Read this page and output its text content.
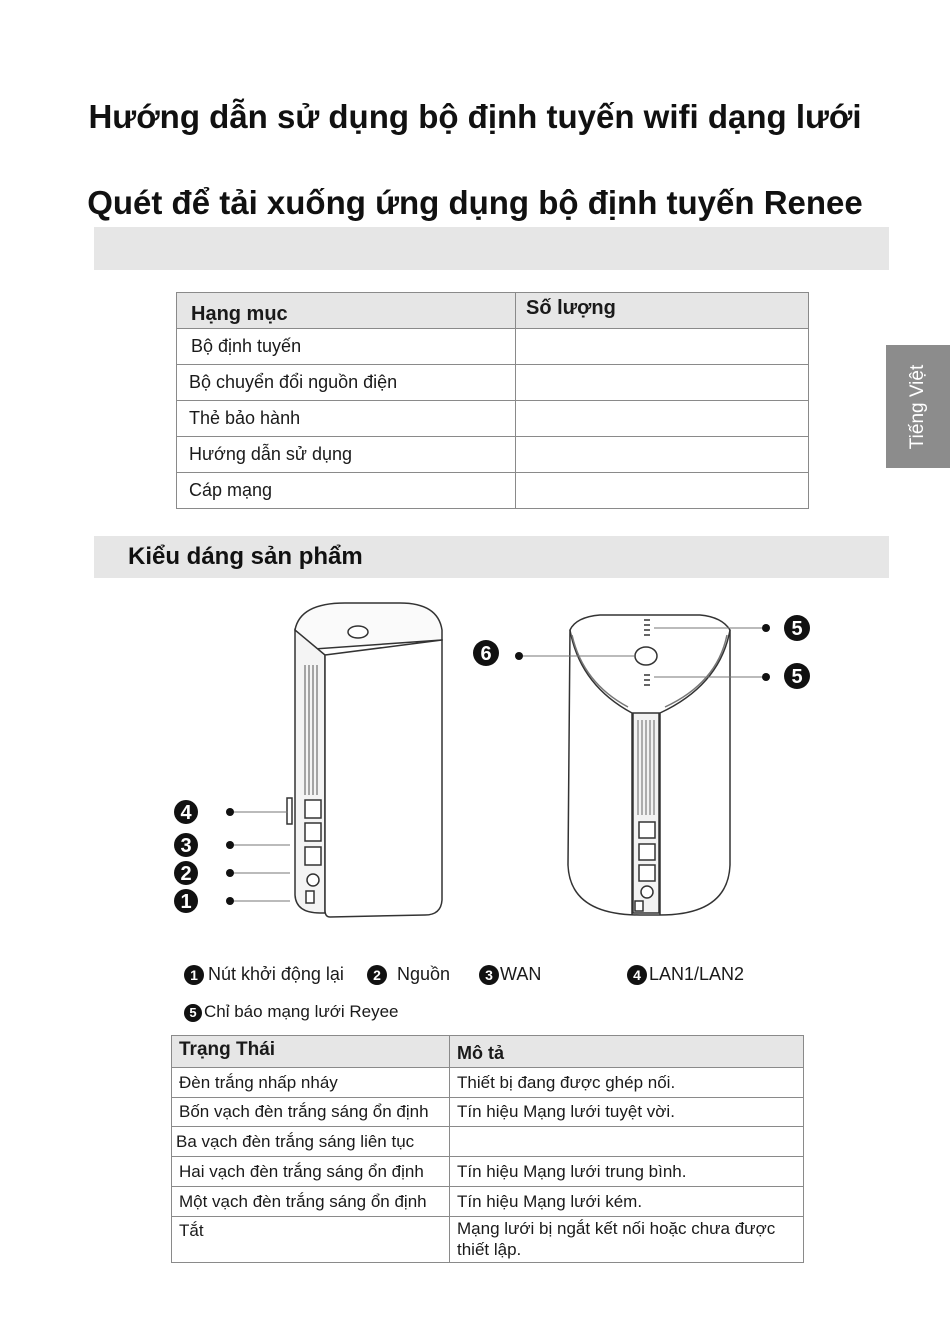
Hướng dẫn sử dụng bộ định tuyến wifi dạng lưới
Quét để tải xuống ứng dụng bộ định tuyến Renee
Tiếng Việt
Hạng mục	Số lượng
Bộ định tuyến	
Bộ chuyển đổi nguồn điện	
Thẻ bảo hành	
Hướng dẫn sử dụng	
Cáp mạng	
Kiểu dáng sản phẩm
4
3
2
1
6
5
5
1 Nút khởi động lại	2 Nguồn	3 WAN	4 LAN1/LAN2
5 Chỉ báo mạng lưới Reyee
Trạng Thái	Mô tả
Đèn trắng nhấp nháy	Thiết bị đang được ghép nối.
Bốn vạch đèn trắng sáng ổn định	Tín hiệu Mạng lưới tuyệt vời.
Ba vạch đèn trắng sáng liên tục	
Hai vạch đèn trắng sáng ổn định	Tín hiệu Mạng lưới trung bình.
Một vạch đèn trắng sáng ổn định	Tín hiệu Mạng lưới kém.
Tắt	Mạng lưới bị ngắt kết nối hoặc chưa được thiết lập.
